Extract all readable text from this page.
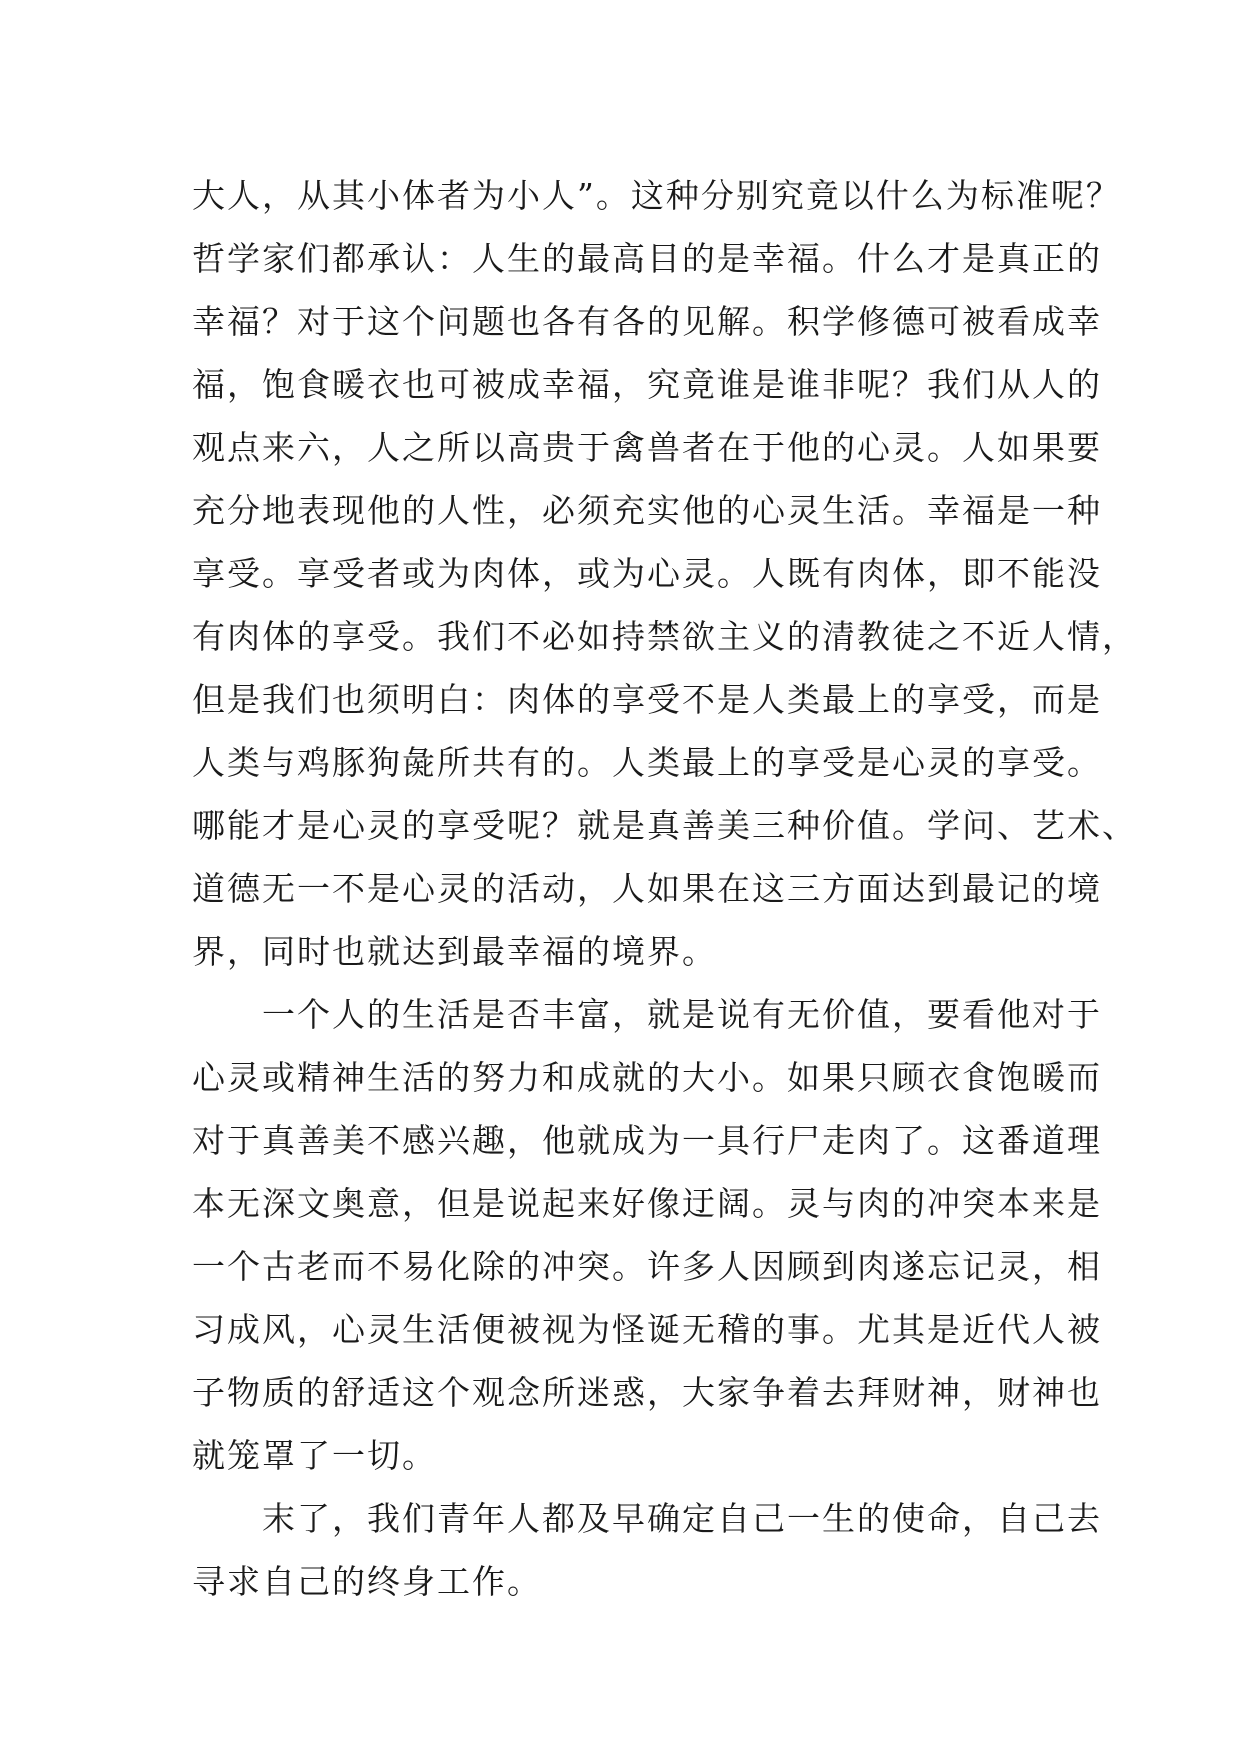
大人，从其小体者为小人”。这种分别究竟以什么为标准呢？
哲学家们都承认：人生的最高目的是幸福。什么才是真正的
幸福？对于这个问题也各有各的见解。积学修德可被看成幸
福，饱食暖衣也可被成幸福，究竟谁是谁非呢？我们从人的
观点来六，人之所以高贵于禽兽者在于他的心灵。人如果要
充分地表现他的人性，必须充实他的心灵生活。幸福是一种
享受。享受者或为肉体，或为心灵。人既有肉体，即不能没
有肉体的享受。我们不必如持禁欲主义的清教徒之不近人情，
但是我们也须明白：肉体的享受不是人类最上的享受，而是
人类与鸡豚狗彘所共有的。人类最上的享受是心灵的享受。
哪能才是心灵的享受呢？就是真善美三种价值。学问、艺术、
道德无一不是心灵的活动，人如果在这三方面达到最记的境
界，同时也就达到最幸福的境界。
　　一个人的生活是否丰富，就是说有无价值，要看他对于
心灵或精神生活的努力和成就的大小。如果只顾衣食饱暖而
对于真善美不感兴趣，他就成为一具行尸走肉了。这番道理
本无深文奥意，但是说起来好像迂阔。灵与肉的冲突本来是
一个古老而不易化除的冲突。许多人因顾到肉遂忘记灵，相
习成风，心灵生活便被视为怪诞无稽的事。尤其是近代人被
子物质的舒适这个观念所迷惑，大家争着去拜财神，财神也
就笼罩了一切。
　　末了，我们青年人都及早确定自己一生的使命，自己去
寻求自己的终身工作。
